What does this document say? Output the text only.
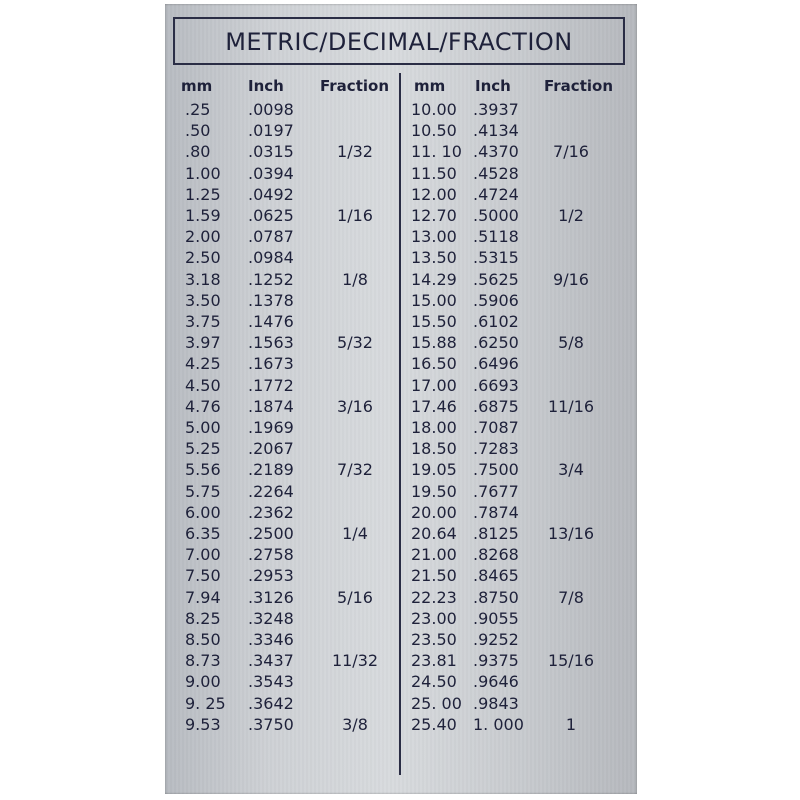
METRIC/DECIMAL/FRACTION
mm Inch Fraction
.25 .0098
.50 .0197
.80 .0315	1/32
1.00 .0394
1.25 .0492
1.59 .0625	1/16
2.00 .0787
2.50 .0984
3.18 .1252	1/8
3.50 .1378
3.75 .1476
3.97 .1563	5/32
4.25 .1673
4.50 .1772
4.76 .1874	3/16
5.00 .1969
5.25 .2067
5.56 .2189	7/32
5.75 .2264
6.00 .2362
6.35 .2500	1/4
7.00 .2758
7.50 .2953
7.94 .3126	5/16
8.25 .3248
8.50 .3346
8.73 .3437	11/32
9.00 .3543
9. 25 .3642
9.53 .3750	3/8
mm Inch Fraction
10.00 .3937
10.50 .4134
11. 10 .4370	7/16
11.50 .4528
12.00 .4724
12.70 .5000	1/2
13.00 .5118
13.50 .5315
14.29 .5625	9/16
15.00 .5906
15.50 .6102
15.88 .6250	5/8
16.50 .6496
17.00 .6693
17.46 .6875	11/16
18.00 .7087
18.50 .7283
19.05 .7500	3/4
19.50 .7677
20.00 .7874
20.64 .8125	13/16
21.00 .8268
21.50 .8465
22.23 .8750	7/8
23.00 .9055
23.50 .9252
23.81 .9375	15/16
24.50 .9646
25. 00 .9843
25.40 1. 000	1
